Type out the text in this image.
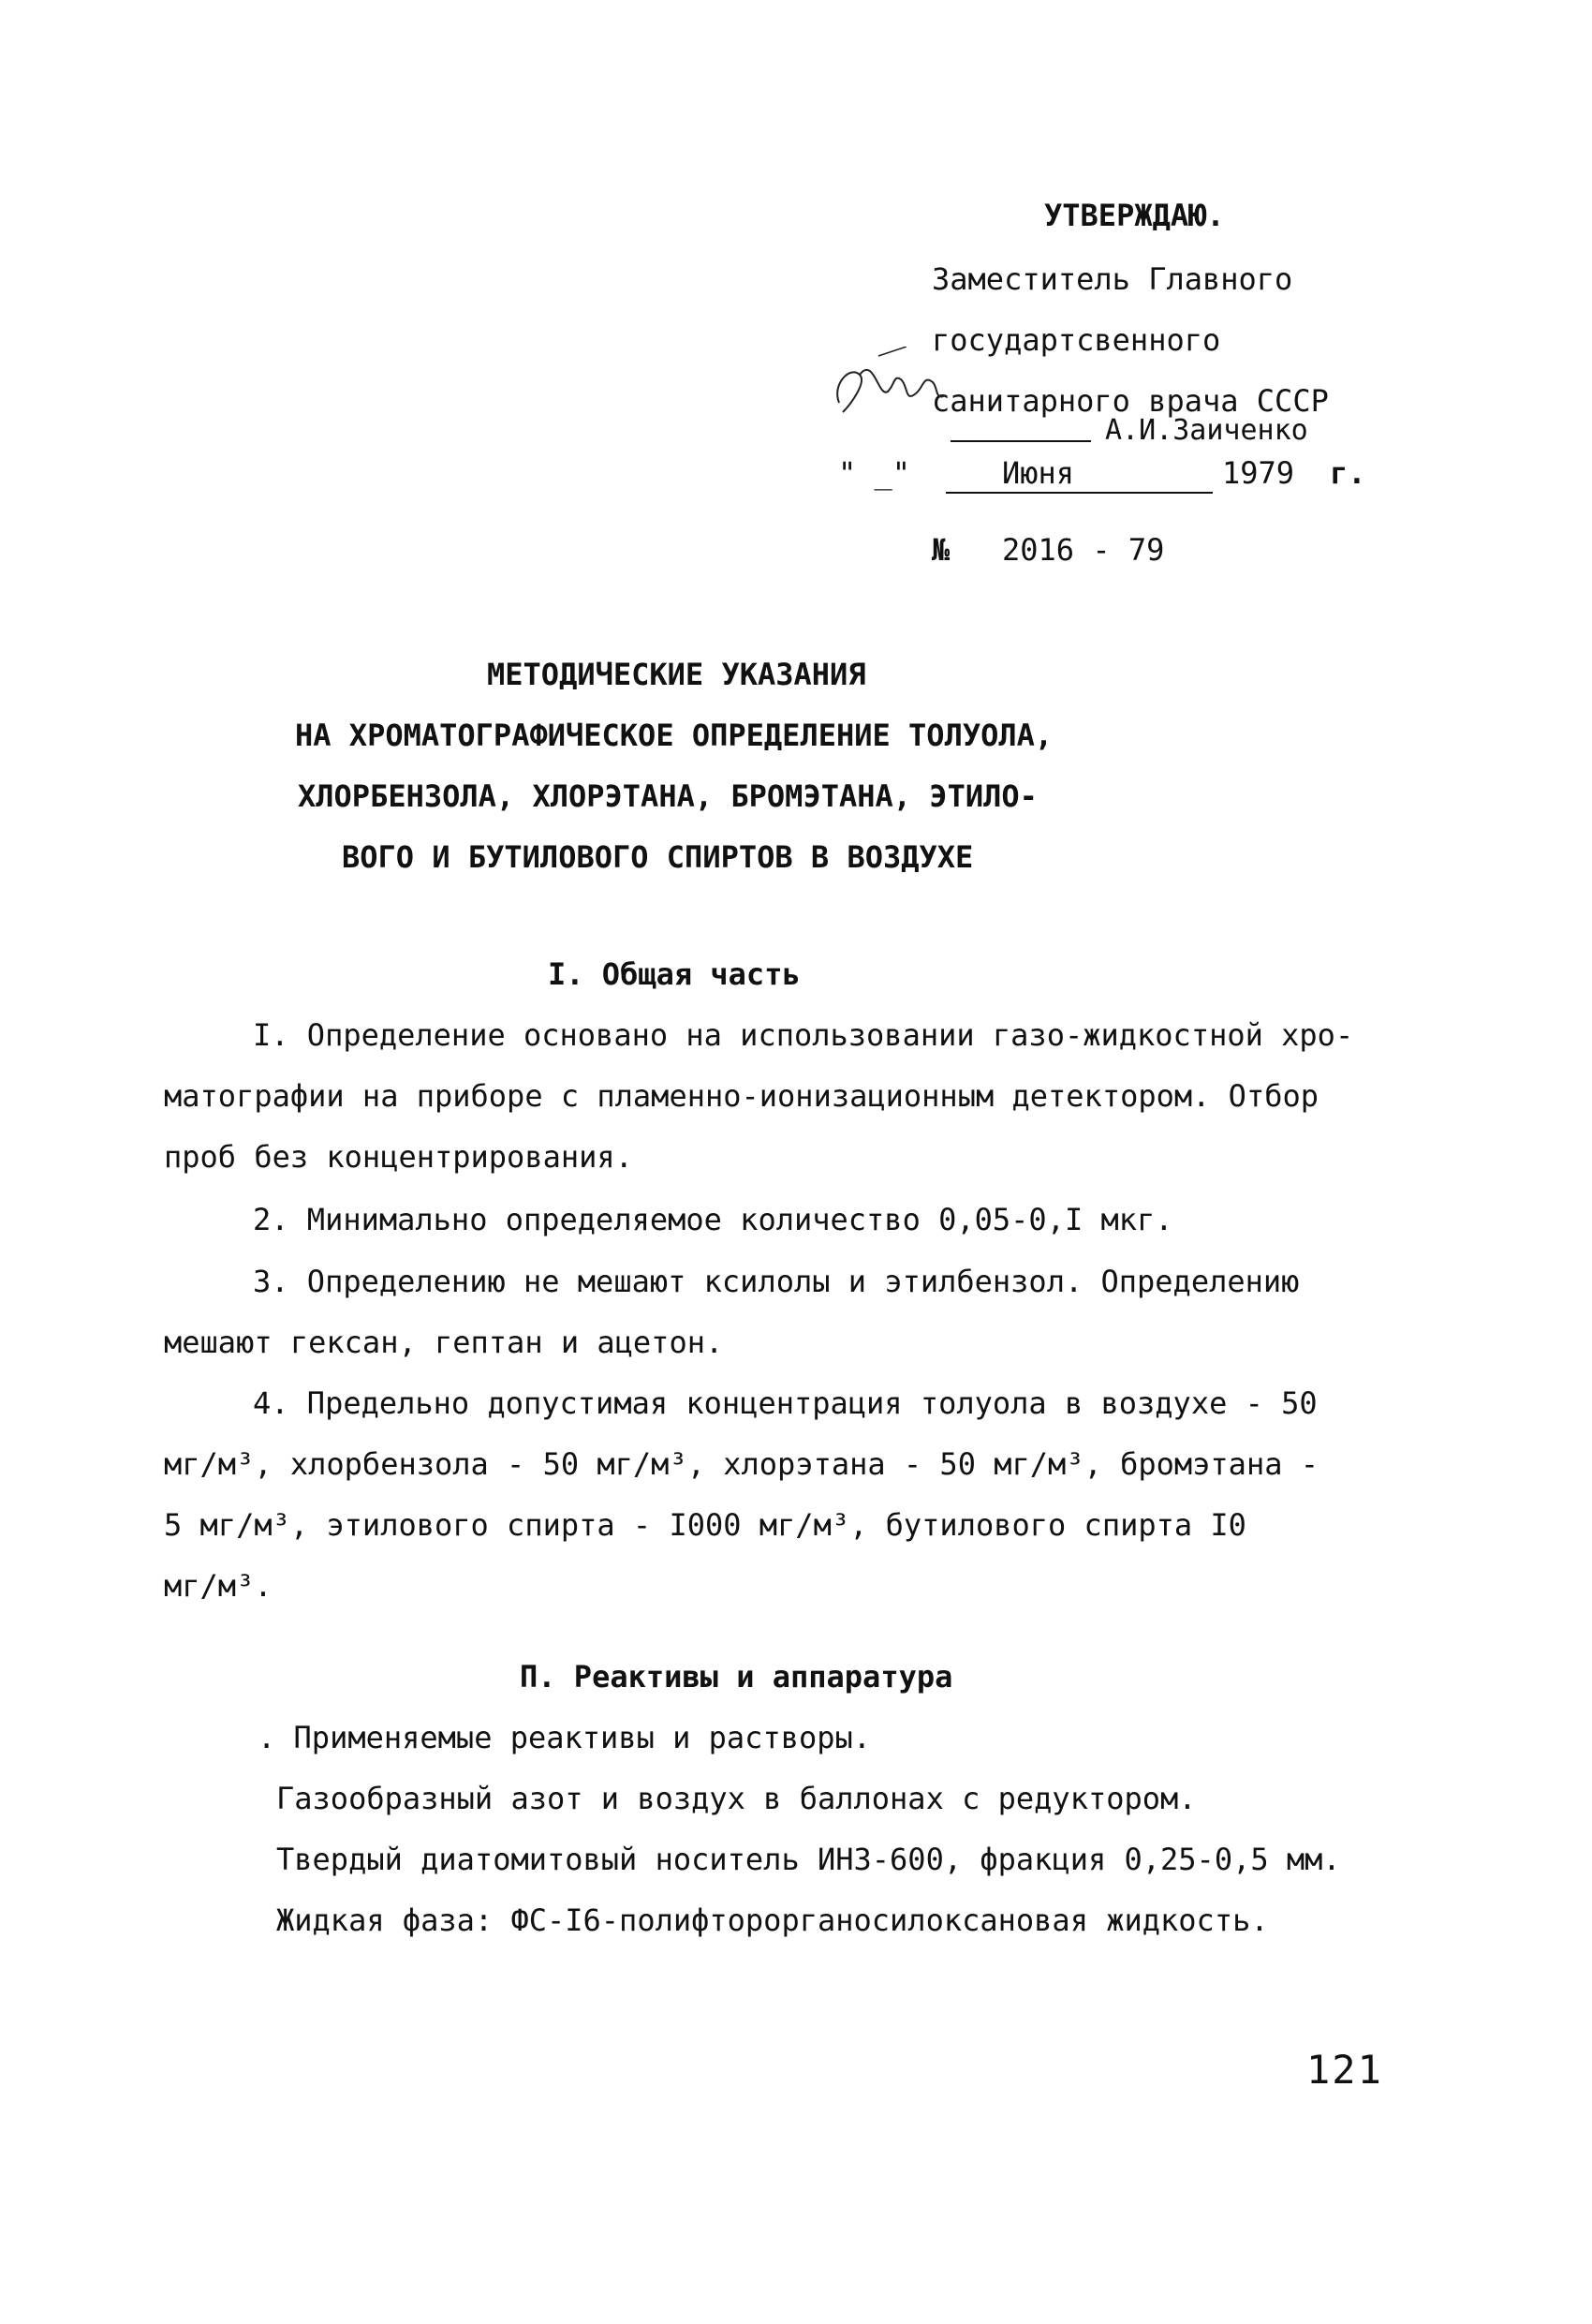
УТВЕРЖДАЮ.
Заместитель Главного
государтсвенного
санитарного врача СССР
А.И.Заиченко
" _"	Июня	1979 г.
№ 2016 - 79
МЕТОДИЧЕСКИЕ УКАЗАНИЯ
НА ХРОМАТОГРАФИЧЕСКОЕ ОПРЕДЕЛЕНИЕ ТОЛУОЛА,
ХЛОРБЕНЗОЛА, ХЛОРЭТАНА, БРОМЭТАНА, ЭТИЛО-
ВОГО И БУТИЛОВОГО СПИРТОВ В ВОЗДУХЕ
I. Общая часть
I. Определение основано на использовании газо-жидкостной хро-
матографии на приборе с пламенно-ионизационным детектором. Отбор
проб без концентрирования.
2. Минимально определяемое количество 0,05-0,I мкг.
3. Определению не мешают ксилолы и этилбензол. Определению
мешают гексан, гептан и ацетон.
4. Предельно допустимая концентрация толуола в воздухе - 50
мг/м³, хлорбензола - 50 мг/м³, хлорэтана - 50 мг/м³, бромэтана -
5 мг/м³, этилового спирта - I000 мг/м³, бутилового спирта I0
мг/м³.
П. Реактивы и аппаратура
. Применяемые реактивы и растворы.
Газообразный азот и воздух в баллонах с редуктором.
Твердый диатомитовый носитель ИНЗ-600, фракция 0,25-0,5 мм.
Жидкая фаза: ФС-I6-полифторорганосилоксановая жидкость.
121
